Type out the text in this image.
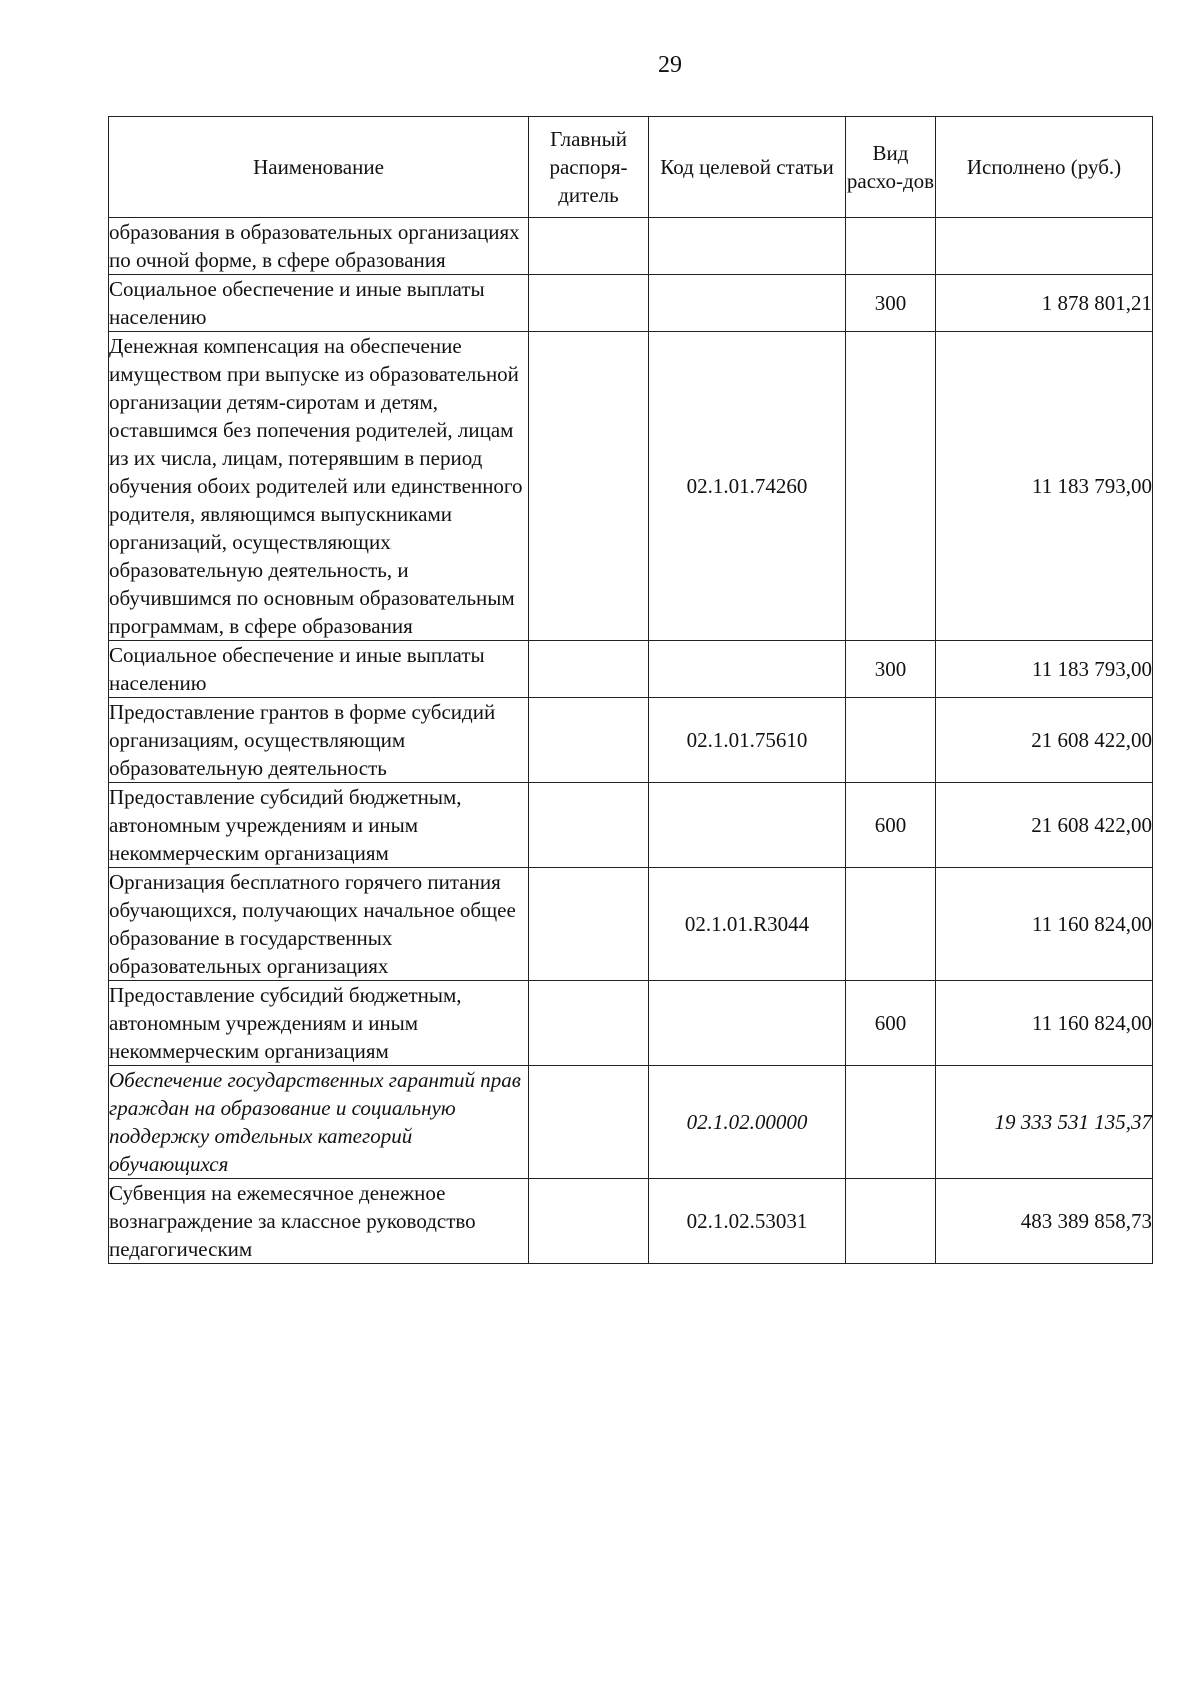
29
Наименование	Главный распоря-дитель	Код целевой статьи	Вид расхо-дов	Исполнено (руб.)
образования в образовательных организациях по очной форме, в сфере образования				
Социальное обеспечение и иные выплаты населению			300	1 878 801,21
Денежная компенсация на обеспечение имуществом при выпуске из образовательной организации детям-сиротам и детям, оставшимся без попечения родителей, лицам из их числа, лицам, потерявшим в период обучения обоих родителей или единственного родителя, являющимся выпускниками организаций, осуществляющих образовательную деятельность, и обучившимся по основным образовательным программам, в сфере образования		02.1.01.74260		11 183 793,00
Социальное обеспечение и иные выплаты населению			300	11 183 793,00
Предоставление грантов в форме субсидий организациям, осуществляющим образовательную деятельность		02.1.01.75610		21 608 422,00
Предоставление субсидий бюджетным, автономным учреждениям и иным некоммерческим организациям			600	21 608 422,00
Организация бесплатного горячего питания обучающихся, получающих начальное общее образование в государственных образовательных организациях		02.1.01.R3044		11 160 824,00
Предоставление субсидий бюджетным, автономным учреждениям и иным некоммерческим организациям			600	11 160 824,00
Обеспечение государственных гарантий прав граждан на образование и социальную поддержку отдельных категорий обучающихся		02.1.02.00000		19 333 531 135,37
Субвенция на ежемесячное денежное вознаграждение за классное руководство педагогическим		02.1.02.53031		483 389 858,73
